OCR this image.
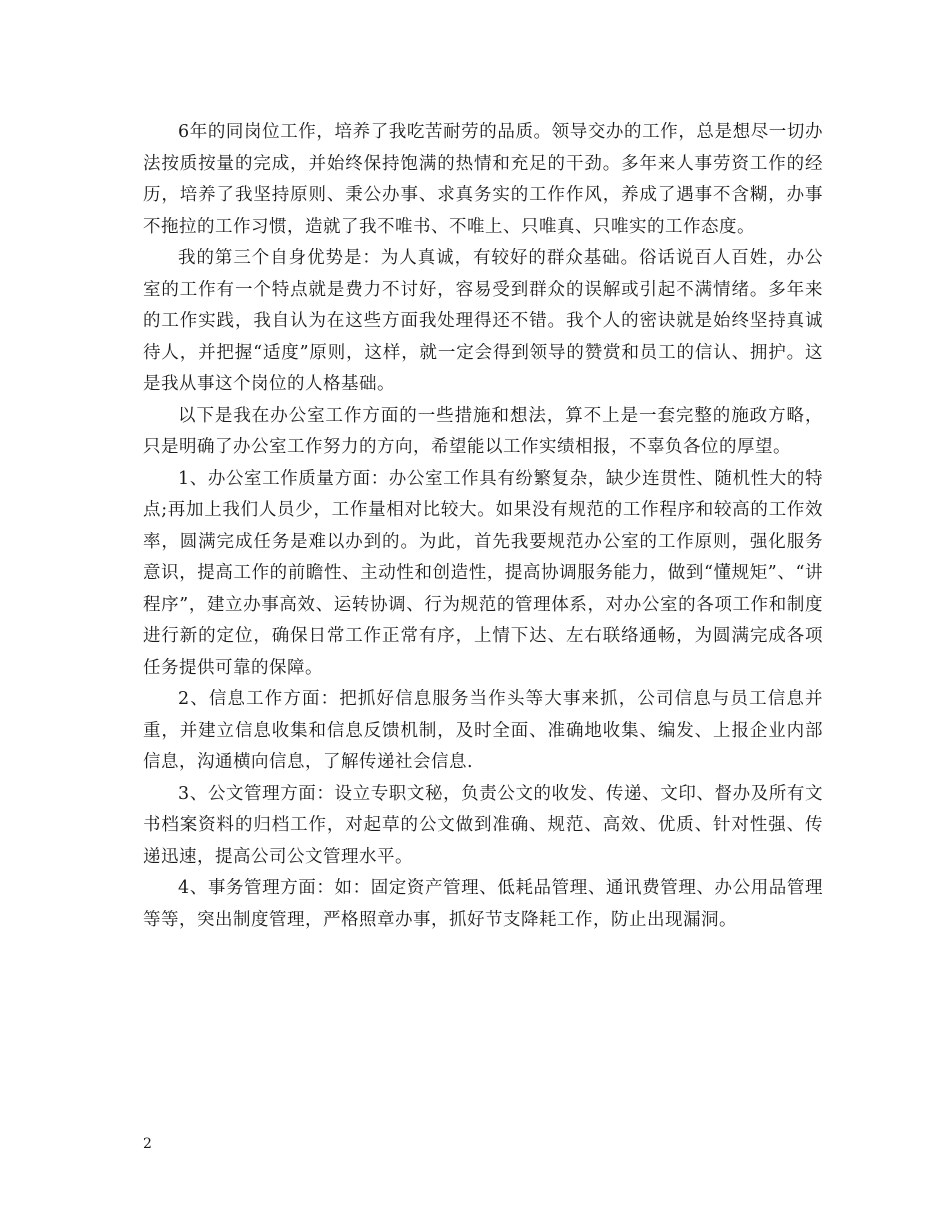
6年的同岗位工作，培养了我吃苦耐劳的品质。领导交办的工作，总是想尽一切办法按质按量的完成，并始终保持饱满的热情和充足的干劲。多年来人事劳资工作的经历，培养了我坚持原则、秉公办事、求真务实的工作作风，养成了遇事不含糊，办事不拖拉的工作习惯，造就了我不唯书、不唯上、只唯真、只唯实的工作态度。

我的第三个自身优势是：为人真诚，有较好的群众基础。俗话说百人百姓，办公室的工作有一个特点就是费力不讨好，容易受到群众的误解或引起不满情绪。多年来的工作实践，我自认为在这些方面我处理得还不错。我个人的密诀就是始终坚持真诚待人，并把握“适度”原则，这样，就一定会得到领导的赞赏和员工的信认、拥护。这是我从事这个岗位的人格基础。

以下是我在办公室工作方面的一些措施和想法，算不上是一套完整的施政方略，只是明确了办公室工作努力的方向，希望能以工作实绩相报，不辜负各位的厚望。

1、办公室工作质量方面：办公室工作具有纷繁复杂，缺少连贯性、随机性大的特点;再加上我们人员少，工作量相对比较大。如果没有规范的工作程序和较高的工作效率，圆满完成任务是难以办到的。为此，首先我要规范办公室的工作原则，强化服务意识，提高工作的前瞻性、主动性和创造性，提高协调服务能力，做到“懂规矩”、“讲程序”，建立办事高效、运转协调、行为规范的管理体系，对办公室的各项工作和制度进行新的定位，确保日常工作正常有序，上情下达、左右联络通畅，为圆满完成各项任务提供可靠的保障。

2、信息工作方面：把抓好信息服务当作头等大事来抓，公司信息与员工信息并重，并建立信息收集和信息反馈机制，及时全面、准确地收集、编发、上报企业内部信息，沟通横向信息，了解传递社会信息.

3、公文管理方面：设立专职文秘，负责公文的收发、传递、文印、督办及所有文书档案资料的归档工作，对起草的公文做到准确、规范、高效、优质、针对性强、传递迅速，提高公司公文管理水平。

4、事务管理方面：如：固定资产管理、低耗品管理、通讯费管理、办公用品管理等等，突出制度管理，严格照章办事，抓好节支降耗工作，防止出现漏洞。

2
